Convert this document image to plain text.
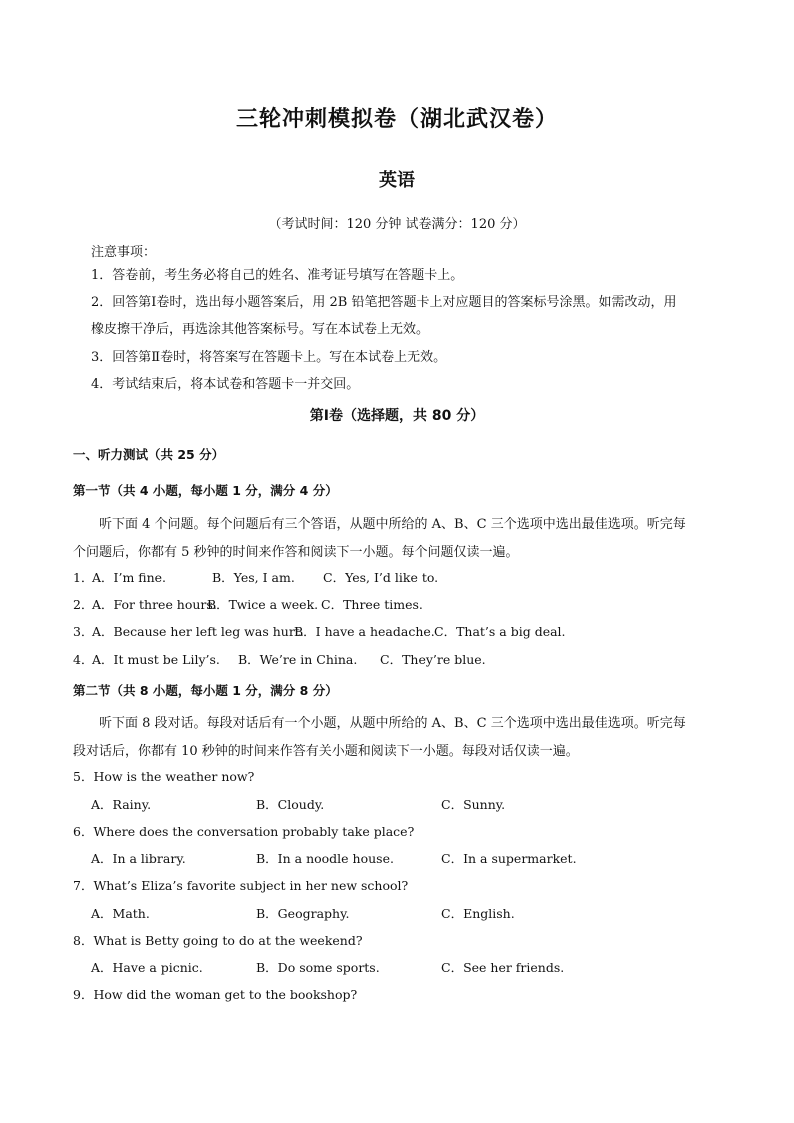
三轮冲刺模拟卷（湖北武汉卷）
英语
（考试时间：120 分钟 试卷满分：120 分）
注意事项：
1．答卷前，考生务必将自己的姓名、准考证号填写在答题卡上。
2．回答第Ⅰ卷时，选出每小题答案后，用 2B 铅笔把答题卡上对应题目的答案标号涂黑。如需改动，用
橡皮擦干净后，再选涂其他答案标号。写在本试卷上无效。
3．回答第Ⅱ卷时，将答案写在答题卡上。写在本试卷上无效。
4．考试结束后，将本试卷和答题卡一并交回。
第Ⅰ卷（选择题，共 80 分）
一、听力测试（共 25 分）
第一节（共 4 小题，每小题 1 分，满分 4 分）
听下面 4 个问题。每个问题后有三个答语，从题中所给的 A、B、C 三个选项中选出最佳选项。听完每
个问题后，你都有 5 秒钟的时间来作答和阅读下一小题。每个问题仅读一遍。
1．
A．I’m fine.	B．Yes, I am. C．Yes, I’d like to.
2．
A．For three hours.
B．Twice a week. C．Three times.
3．
A．Because her left leg was hurt.
B．I have a headache. C．That’s a big deal.
4．
A．It must be Lily’s. B．We’re in China. C．They’re blue.
第二节（共 8 小题，每小题 1 分，满分 8 分）
听下面 8 段对话。每段对话后有一个小题，从题中所给的 A、B、C 三个选项中选出最佳选项。听完每
段对话后，你都有 10 秒钟的时间来作答有关小题和阅读下一小题。每段对话仅读一遍。
5．How is the weather now?
A．Rainy.	B．Cloudy.	C．Sunny.
6．Where does the conversation probably take place?
A．In a library.	B．In a noodle house.	C．In a supermarket.
7．What’s Eliza’s favorite subject in her new school?
A．Math.	B．Geography.	C．English.
8．What is Betty going to do at the weekend?
A．Have a picnic.	B．Do some sports.	C．See her friends.
9．How did the woman get to the bookshop?
